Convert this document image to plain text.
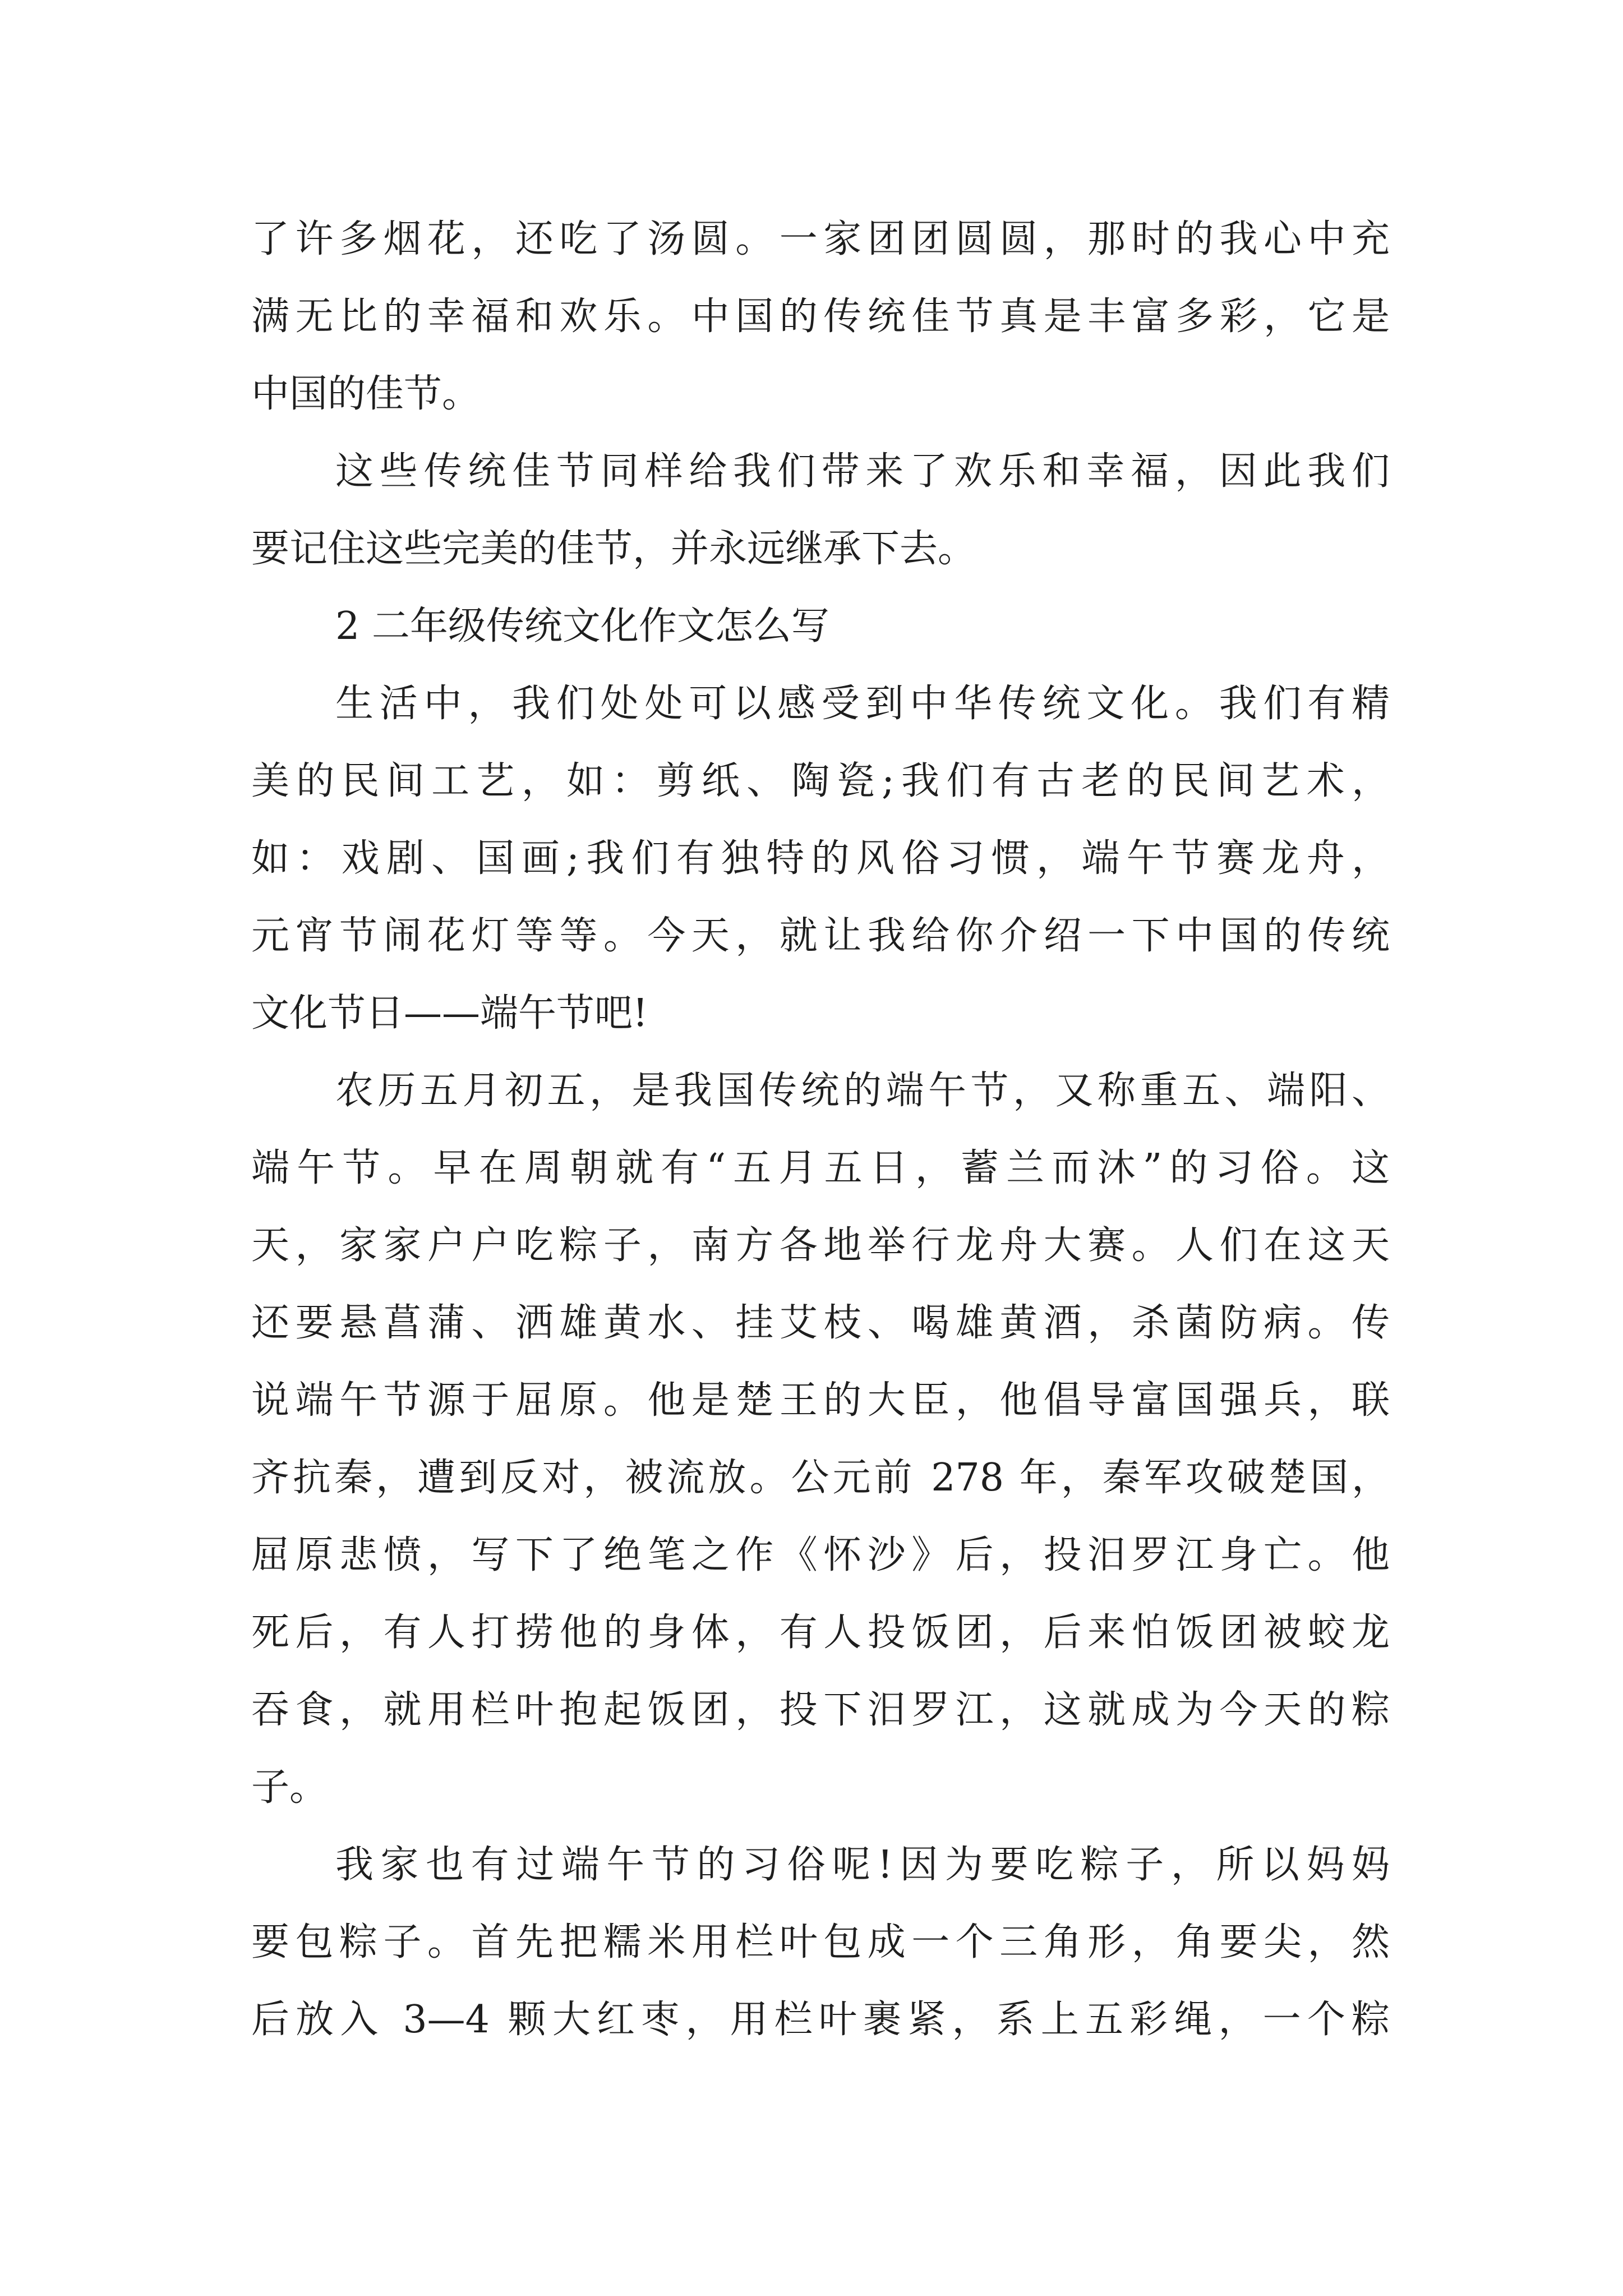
了许多烟花，还吃了汤圆。一家团团圆圆，那时的我心中充
满无比的幸福和欢乐。中国的传统佳节真是丰富多彩，它是
中国的佳节。
这些传统佳节同样给我们带来了欢乐和幸福，因此我们
要记住这些完美的佳节，并永远继承下去。
2 二年级传统文化作文怎么写
生活中，我们处处可以感受到中华传统文化。我们有精
美的民间工艺，如：剪纸、陶瓷;我们有古老的民间艺术，
如：戏剧、国画;我们有独特的风俗习惯，端午节赛龙舟，
元宵节闹花灯等等。今天，就让我给你介绍一下中国的传统
文化节日——端午节吧!
农历五月初五，是我国传统的端午节，又称重五、端阳、
端午节。早在周朝就有“五月五日，蓄兰而沐”的习俗。这
天，家家户户吃粽子，南方各地举行龙舟大赛。人们在这天
还要悬菖蒲、洒雄黄水、挂艾枝、喝雄黄酒，杀菌防病。传
说端午节源于屈原。他是楚王的大臣，他倡导富国强兵，联
齐抗秦，遭到反对，被流放。公元前 278 年，秦军攻破楚国，
屈原悲愤，写下了绝笔之作《怀沙》后，投汨罗江身亡。他
死后，有人打捞他的身体，有人投饭团，后来怕饭团被蛟龙
吞食，就用栏叶抱起饭团，投下汨罗江，这就成为今天的粽
子。
我家也有过端午节的习俗呢!因为要吃粽子，所以妈妈
要包粽子。首先把糯米用栏叶包成一个三角形，角要尖，然
后放入 3—4 颗大红枣，用栏叶裹紧，系上五彩绳，一个粽
